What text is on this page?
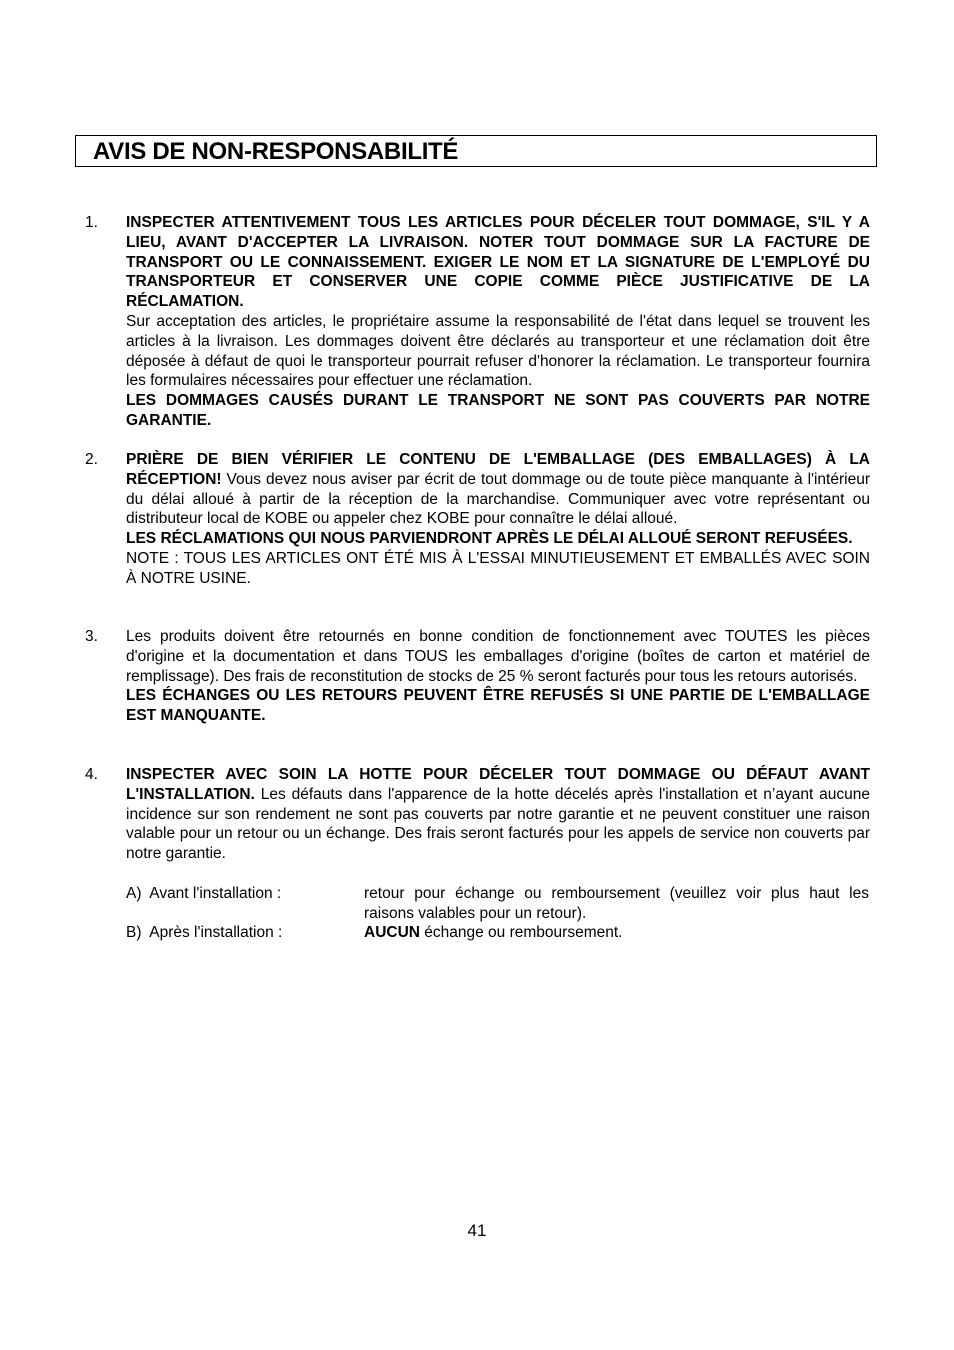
AVIS DE NON-RESPONSABILITÉ
1. INSPECTER ATTENTIVEMENT TOUS LES ARTICLES POUR DÉCELER TOUT DOMMAGE, S'IL Y A LIEU, AVANT D'ACCEPTER LA LIVRAISON. NOTER TOUT DOMMAGE SUR LA FACTURE DE TRANSPORT OU LE CONNAISSEMENT. EXIGER LE NOM ET LA SIGNATURE DE L'EMPLOYÉ DU TRANSPORTEUR ET CONSERVER UNE COPIE COMME PIÈCE JUSTIFICATIVE DE LA RÉCLAMATION.

Sur acceptation des articles, le propriétaire assume la responsabilité de l'état dans lequel se trouvent les articles à la livraison. Les dommages doivent être déclarés au transporteur et une réclamation doit être déposée à défaut de quoi le transporteur pourrait refuser d'honorer la réclamation. Le transporteur fournira les formulaires nécessaires pour effectuer une réclamation.

LES DOMMAGES CAUSÉS DURANT LE TRANSPORT NE SONT PAS COUVERTS PAR NOTRE GARANTIE.

2. PRIÈRE DE BIEN VÉRIFIER LE CONTENU DE L'EMBALLAGE (DES EMBALLAGES) À LA RÉCEPTION! Vous devez nous aviser par écrit de tout dommage ou de toute pièce manquante à l'intérieur du délai alloué à partir de la réception de la marchandise. Communiquer avec votre représentant ou distributeur local de KOBE ou appeler chez KOBE pour connaître le délai alloué.

LES RÉCLAMATIONS QUI NOUS PARVIENDRONT APRÈS LE DÉLAI ALLOUÉ SERONT REFUSÉES.

NOTE : TOUS LES ARTICLES ONT ÉTÉ MIS À L'ESSAI MINUTIEUSEMENT ET EMBALLÉS AVEC SOIN À NOTRE USINE.

3. Les produits doivent être retournés en bonne condition de fonctionnement avec TOUTES les pièces d'origine et la documentation et dans TOUS les emballages d'origine (boîtes de carton et matériel de remplissage). Des frais de reconstitution de stocks de 25 % seront facturés pour tous les retours autorisés.

LES ÉCHANGES OU LES RETOURS PEUVENT ÊTRE REFUSÉS SI UNE PARTIE DE L'EMBALLAGE EST MANQUANTE.

4. INSPECTER AVEC SOIN LA HOTTE POUR DÉCELER TOUT DOMMAGE OU DÉFAUT AVANT L'INSTALLATION. Les défauts dans l'apparence de la hotte décelés après l'installation et n’ayant aucune incidence sur son rendement ne sont pas couverts par notre garantie et ne peuvent constituer une raison valable pour un retour ou un échange. Des frais seront facturés pour les appels de service non couverts par notre garantie.

A)  Avant l'installation :	retour pour échange ou remboursement (veuillez voir plus haut les raisons valables pour un retour).
B)  Après l'installation :	AUCUN échange ou remboursement.
41
